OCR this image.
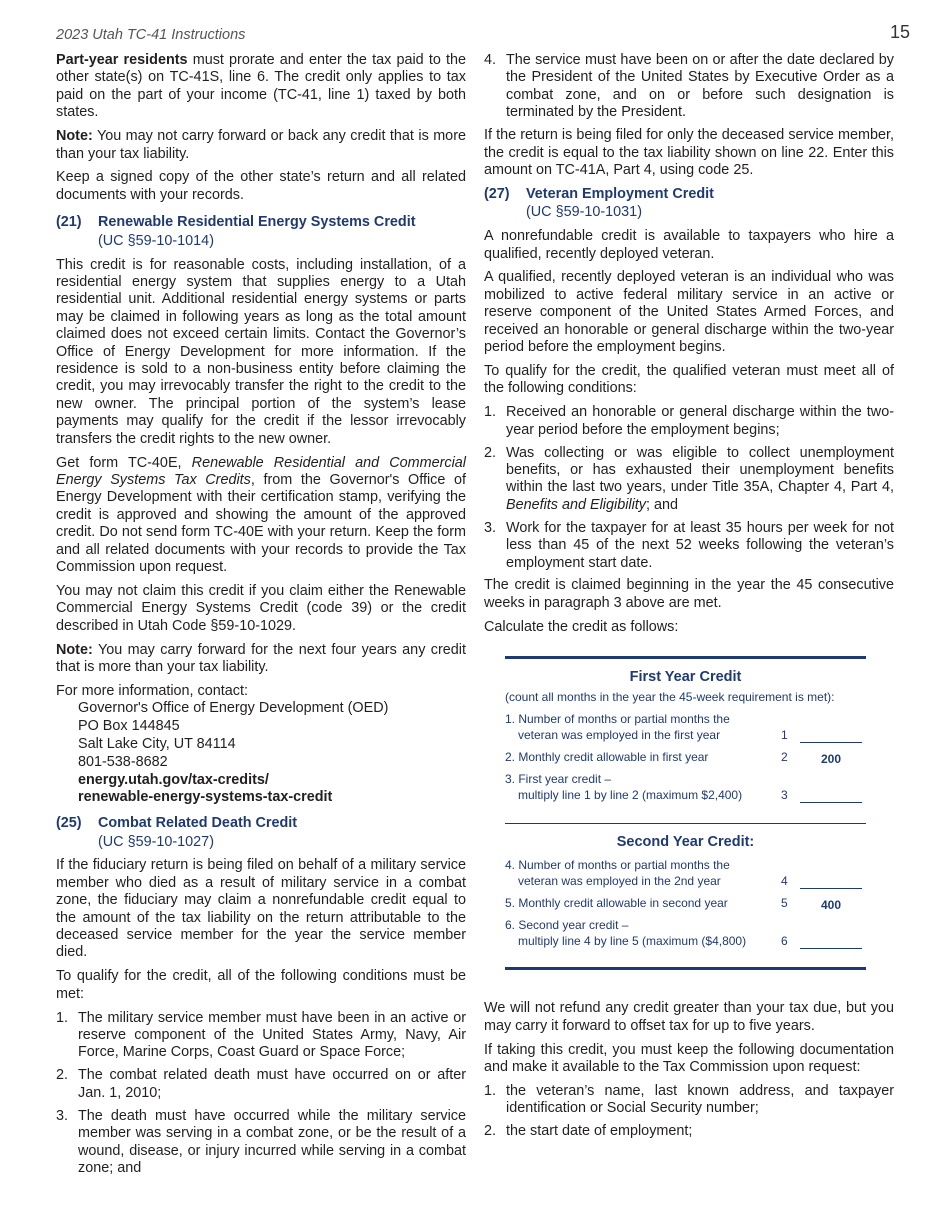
2023 Utah TC-41 Instructions	15

Part-year residents must prorate and enter the tax paid to the other state(s) on TC-41S, line 6. The credit only applies to tax paid on the part of your income (TC-41, line 1) taxed by both states.

Note: You may not carry forward or back any credit that is more than your tax liability.

Keep a signed copy of the other state’s return and all related documents with your records.

(21) Renewable Residential Energy Systems Credit
(UC §59-10-1014)

This credit is for reasonable costs, including installation, of a residential energy system that supplies energy to a Utah residential unit. Additional residential energy systems or parts may be claimed in following years as long as the total amount claimed does not exceed certain limits. Contact the Governor’s Office of Energy Development for more information. If the residence is sold to a non-business entity before claiming the credit, you may irrevocably transfer the right to the credit to the new owner. The principal portion of the system’s lease payments may qualify for the credit if the lessor irrevocably transfers the credit rights to the new owner.

Get form TC-40E, Renewable Residential and Commercial Energy Systems Tax Credits, from the Governor's Office of Energy Development with their certification stamp, verifying the credit is approved and showing the amount of the approved credit. Do not send form TC-40E with your return. Keep the form and all related documents with your records to provide the Tax Commission upon request.

You may not claim this credit if you claim either the Renewable Commercial Energy Systems Credit (code 39) or the credit described in Utah Code §59-10-1029.

Note: You may carry forward for the next four years any credit that is more than your tax liability.

For more information, contact:
Governor's Office of Energy Development (OED)
PO Box 144845
Salt Lake City, UT 84114
801-538-8682
energy.utah.gov/tax-credits/
renewable-energy-systems-tax-credit
(25) Combat Related Death Credit
(UC §59-10-1027)

If the fiduciary return is being filed on behalf of a military service member who died as a result of military service in a combat zone, the fiduciary may claim a nonrefundable credit equal to the amount of the tax liability on the return attributable to the deceased service member for the year the service member died.

To qualify for the credit, all of the following conditions must be met:

1. The military service member must have been in an active or reserve component of the United States Army, Navy, Air Force, Marine Corps, Coast Guard or Space Force;
2. The combat related death must have occurred on or after Jan. 1, 2010;
3. The death must have occurred while the military service member was serving in a combat zone, or be the result of a wound, disease, or injury incurred while serving in a combat zone; and
4. The service must have been on or after the date declared by the President of the United States by Executive Order as a combat zone, and on or before such designation is terminated by the President.

If the return is being filed for only the deceased service member, the credit is equal to the tax liability shown on line 22. Enter this amount on TC-41A, Part 4, using code 25.

(27) Veteran Employment Credit
(UC §59-10-1031)

A nonrefundable credit is available to taxpayers who hire a qualified, recently deployed veteran.

A qualified, recently deployed veteran is an individual who was mobilized to active federal military service in an active or reserve component of the United States Armed Forces, and received an honorable or general discharge within the two-year period before the employment begins.

To qualify for the credit, the qualified veteran must meet all of the following conditions:

1. Received an honorable or general discharge within the two-year period before the employment begins;
2. Was collecting or was eligible to collect unemployment benefits, or has exhausted their unemployment benefits within the last two years, under Title 35A, Chapter 4, Part 4, Benefits and Eligibility; and
3. Work for the taxpayer for at least 35 hours per week for not less than 45 of the next 52 weeks following the veteran’s employment start date.

The credit is claimed beginning in the year the 45 consecutive weeks in paragraph 3 above are met.

Calculate the credit as follows:

First Year Credit
(count all months in the year the 45-week requirement is met):
1. Number of months or partial months the
veteran was employed in the first year	1
2. Monthly credit allowable in first year	2	200
3. First year credit –
multiply line 1 by line 2 (maximum $2,400)	3
Second Year Credit:
4. Number of months or partial months the
veteran was employed in the 2nd year	4
5. Monthly credit allowable in second year	5	400
6. Second year credit –
multiply line 4 by line 5 (maximum ($4,800)	6

We will not refund any credit greater than your tax due, but you may carry it forward to offset tax for up to five years.

If taking this credit, you must keep the following documentation and make it available to the Tax Commission upon request:

1. the veteran’s name, last known address, and taxpayer identification or Social Security number;
2. the start date of employment;
